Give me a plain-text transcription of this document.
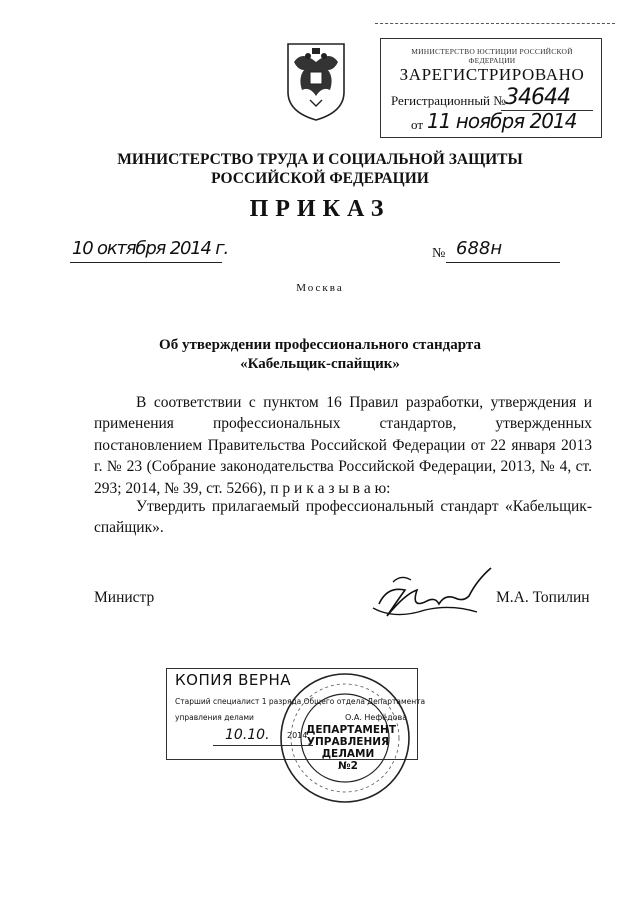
МИНИСТЕРСТВО ЮСТИЦИИ РОССИЙСКОЙ ФЕДЕРАЦИИ
ЗАРЕГИСТРИРОВАНО
Регистрационный № 34644
от 11 ноября 2014
МИНИСТЕРСТВО ТРУДА И СОЦИАЛЬНОЙ ЗАЩИТЫ
РОССИЙСКОЙ ФЕДЕРАЦИИ
ПРИКАЗ
10 октября 2014 г.	№ 688н
Москва
Об утверждении профессионального стандарта
«Кабельщик-спайщик»
В соответствии с пунктом 16 Правил разработки, утверждения и применения профессиональных стандартов, утвержденных постановлением Правительства Российской Федерации от 22 января 2013 г. № 23 (Собрание законодательства Российской Федерации, 2013, № 4, ст. 293; 2014, № 39, ст. 5266), п р и к а з ы в а ю:
Утвердить прилагаемый профессиональный стандарт «Кабельщик-спайщик».
Министр	М.А. Топилин
КОПИЯ ВЕРНА
Старший специалист 1 разряда Общего отдела Департамента
управления делами	О.А. Нефёдова
10.10. 2014
ДЕПАРТАМЕНТ
УПРАВЛЕНИЯ
ДЕЛАМИ
№2
